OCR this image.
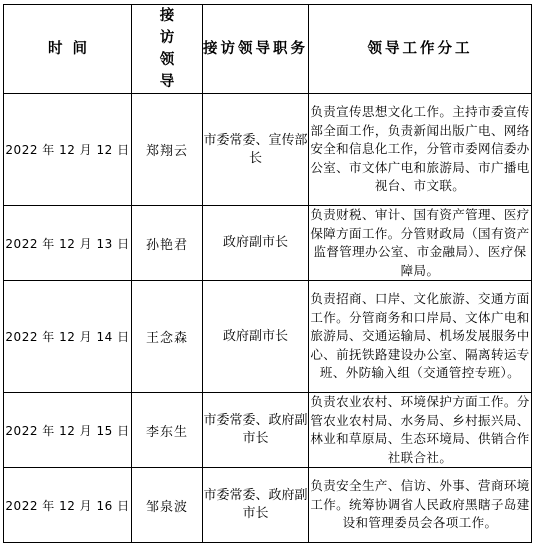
时间	接访领导	接访领导职务	领导工作分工
2022 年 12 月 12 日	郑翔云	市委常委、宣传部长	负责宣传思想文化工作。主持市委宣传部全面工作，负责新闻出版广电、网络安全和信息化工作，分管市委网信委办公室、市文体广电和旅游局、市广播电视台、市文联。
2022 年 12 月 13 日	孙艳君	政府副市长	负责财税、审计、国有资产管理、医疗保障方面工作。分管财政局（国有资产监督管理办公室、市金融局）、医疗保障局。
2022 年 12 月 14 日	王念森	政府副市长	负责招商、口岸、文化旅游、交通方面工作。分管商务和口岸局、文体广电和旅游局、交通运输局、机场发展服务中心、前抚铁路建设办公室、隔离转运专班、外防输入组（交通管控专班）。
2022 年 12 月 15 日	李东生	市委常委、政府副市长	负责农业农村、环境保护方面工作。分管农业农村局、水务局、乡村振兴局、林业和草原局、生态环境局、供销合作社联合社。
2022 年 12 月 16 日	邹泉波	市委常委、政府副市长	负责安全生产、信访、外事、营商环境工作。统筹协调省人民政府黑瞎子岛建设和管理委员会各项工作。
